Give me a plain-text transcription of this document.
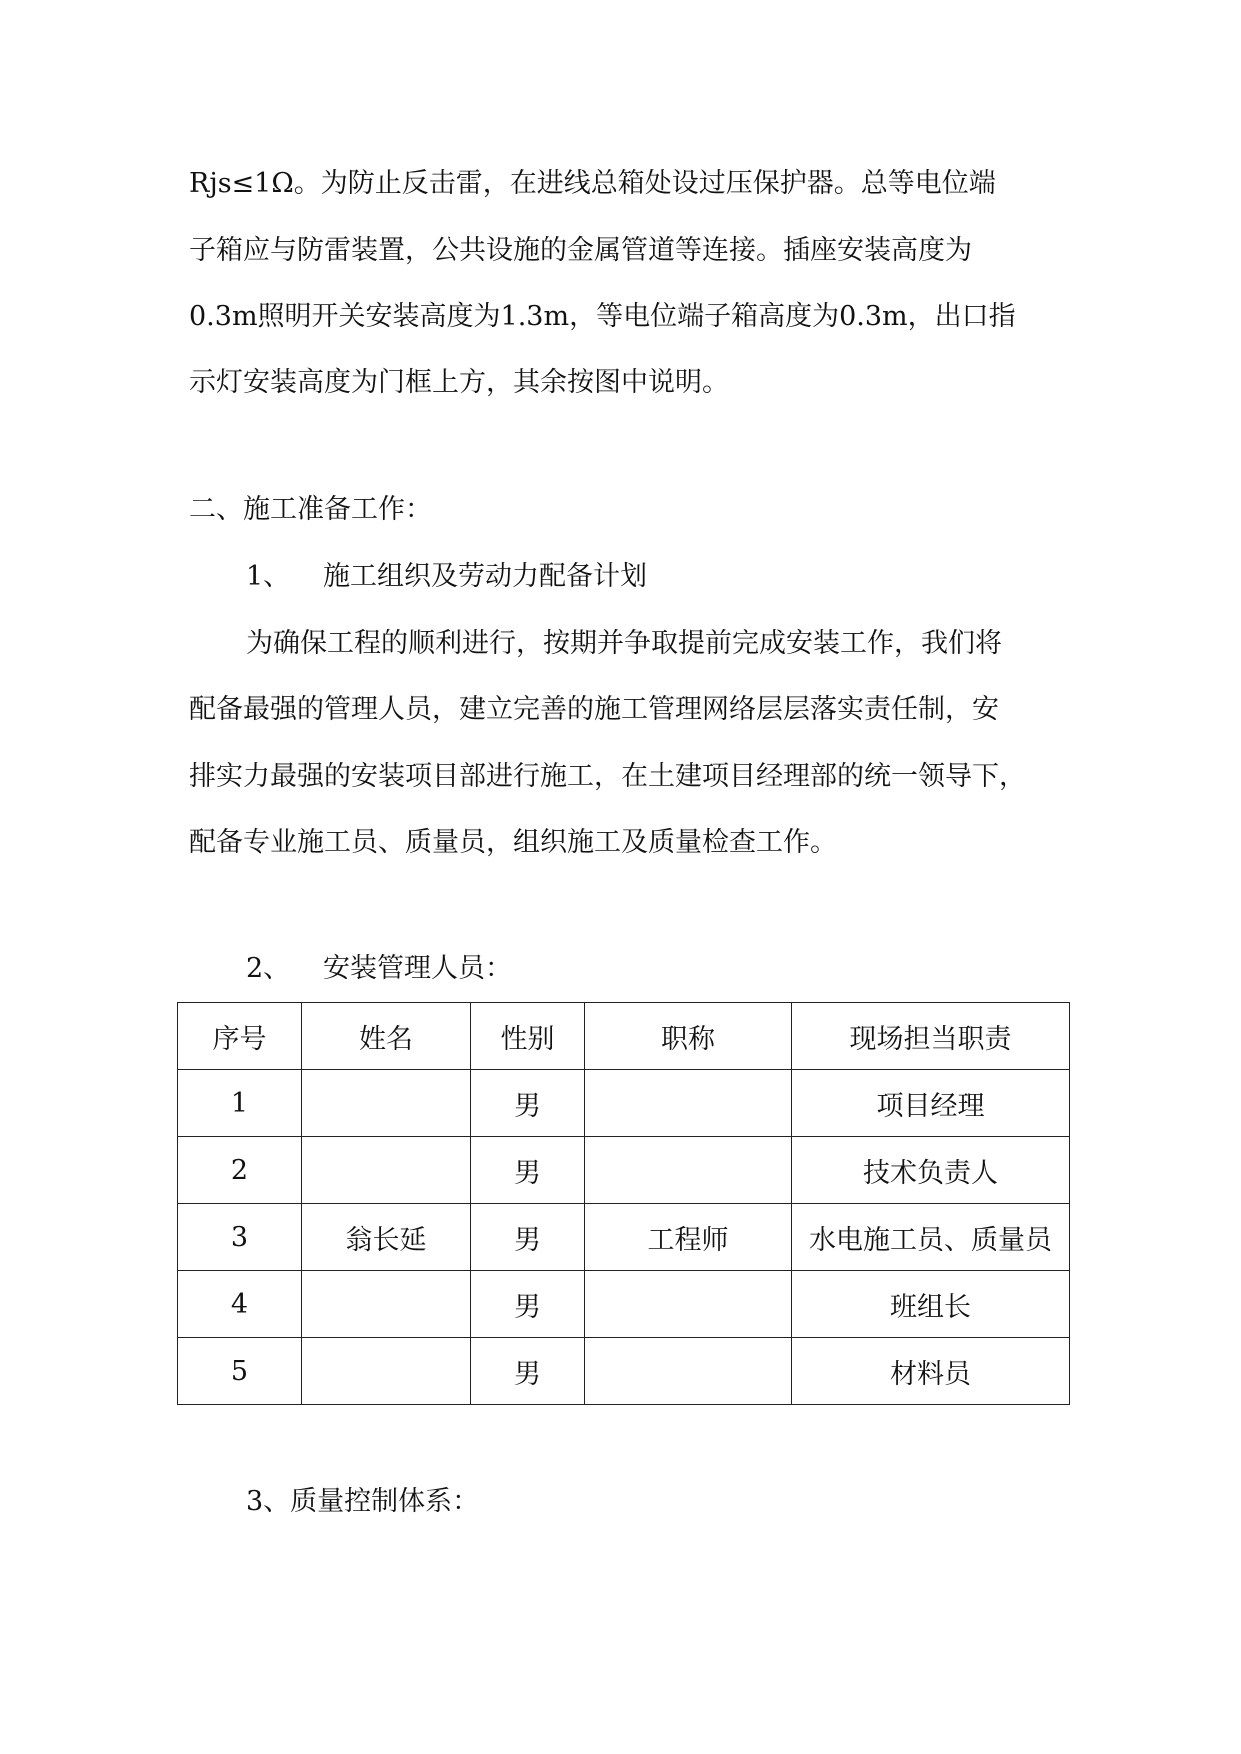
Rjs≤1Ω。为防止反击雷，在进线总箱处设过压保护器。总等电位端
子箱应与防雷装置，公共设施的金属管道等连接。插座安装高度为
0.3m照明开关安装高度为1.3m，等电位端子箱高度为0.3m，出口指
示灯安装高度为门框上方，其余按图中说明。
二、施工准备工作：
1、 施工组织及劳动力配备计划
为确保工程的顺利进行，按期并争取提前完成安装工作，我们将
配备最强的管理人员，建立完善的施工管理网络层层落实责任制，安
排实力最强的安装项目部进行施工，在土建项目经理部的统一领导下，
配备专业施工员、质量员，组织施工及质量检查工作。
2、 安装管理人员：
序号	姓名	性别	职称	现场担当职责
1		男		项目经理
2		男		技术负责人
3	翁长延	男	工程师	水电施工员、质量员
4		男		班组长
5		男		材料员
3、质量控制体系：
